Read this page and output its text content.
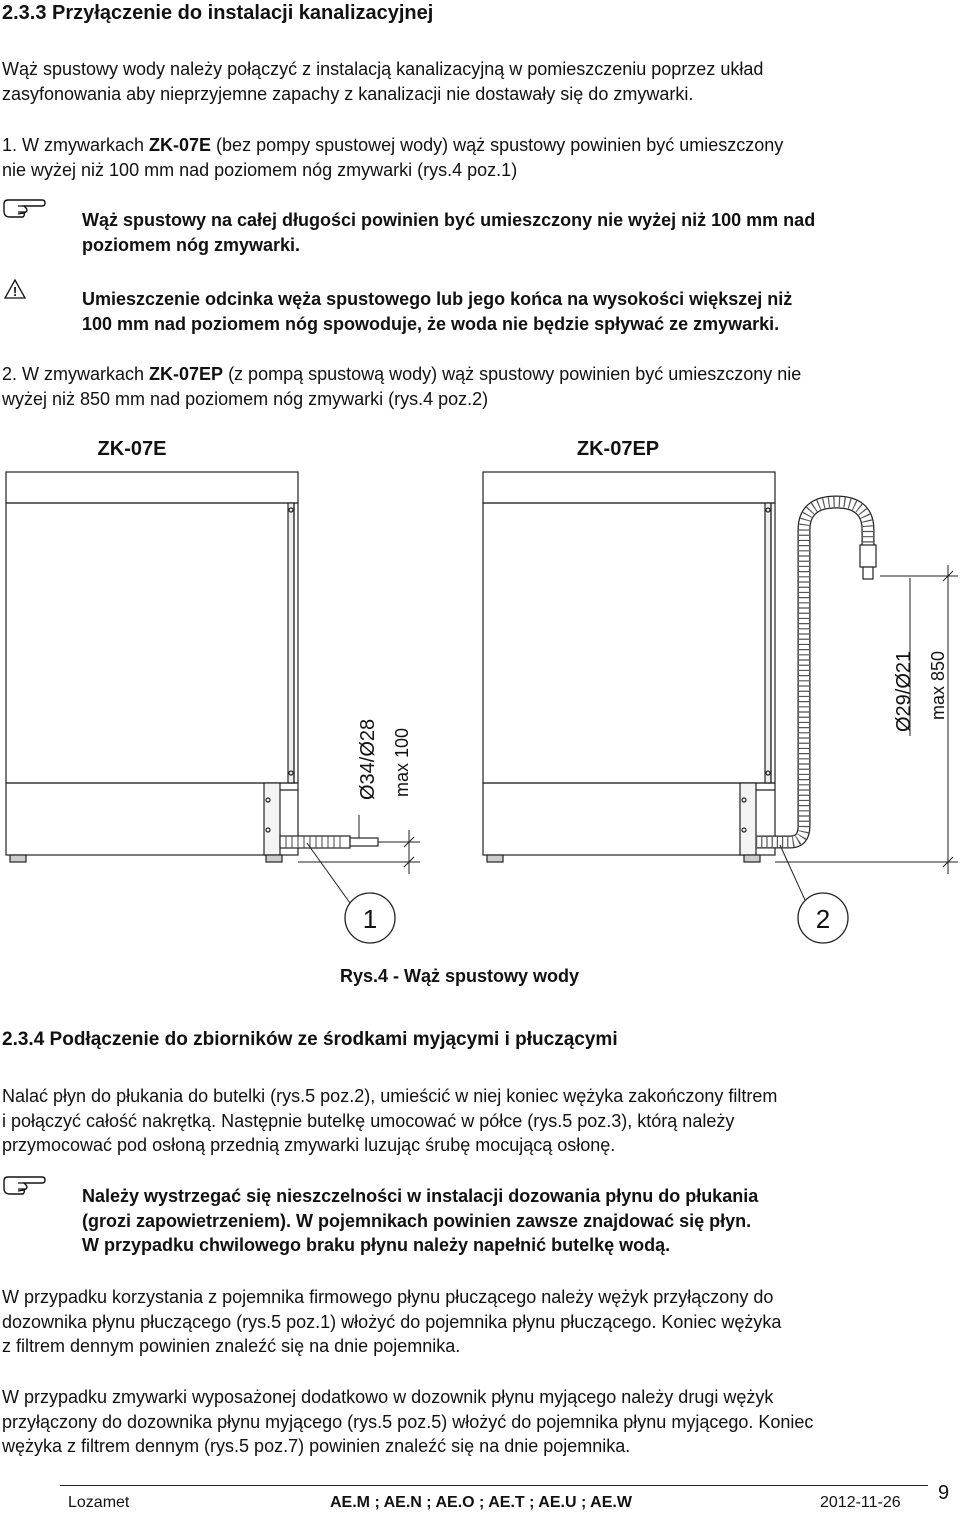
2.3.3 Przyłączenie do instalacji kanalizacyjnej
Wąż spustowy wody należy połączyć z instalacją kanalizacyjną w pomieszczeniu poprzez układ
zasyfonowania aby nieprzyjemne zapachy z kanalizacji nie dostawały się do zmywarki.
1. W zmywarkach ZK-07E (bez pompy spustowej wody) wąż spustowy powinien być umieszczony
nie wyżej niż 100 mm nad poziomem nóg zmywarki (rys.4 poz.1)
Wąż spustowy na całej długości powinien być umieszczony nie wyżej niż 100 mm nad
poziomem nóg zmywarki.
!	Umieszczenie odcinka węża spustowego lub jego końca na wysokości większej niż
100 mm nad poziomem nóg spowoduje, że woda nie będzie spływać ze zmywarki.
2. W zmywarkach ZK-07EP (z pompą spustową wody) wąż spustowy powinien być umieszczony nie
wyżej niż 850 mm nad poziomem nóg zmywarki (rys.4 poz.2)
ZK-07E	ZK-07EP
Ø34/Ø28 max 100
Ø29/Ø21 max 850
1	2
Rys.4 - Wąż spustowy wody
2.3.4 Podłączenie do zbiorników ze środkami myjącymi i płuczącymi
Nalać płyn do płukania do butelki (rys.5 poz.2), umieścić w niej koniec wężyka zakończony filtrem
i połączyć całość nakrętką. Następnie butelkę umocować w półce (rys.5 poz.3), którą należy
przymocować pod osłoną przednią zmywarki luzując śrubę mocującą osłonę.
Należy wystrzegać się nieszczelności w instalacji dozowania płynu do płukania
(grozi zapowietrzeniem). W pojemnikach powinien zawsze znajdować się płyn.
W przypadku chwilowego braku płynu należy napełnić butelkę wodą.
W przypadku korzystania z pojemnika firmowego płynu płuczącego należy wężyk przyłączony do
dozownika płynu płuczącego (rys.5 poz.1) włożyć do pojemnika płynu płuczącego. Koniec wężyka
z filtrem dennym powinien znaleźć się na dnie pojemnika.
W przypadku zmywarki wyposażonej dodatkowo w dozownik płynu myjącego należy drugi wężyk
przyłączony do dozownika płynu myjącego (rys.5 poz.5) włożyć do pojemnika płynu myjącego. Koniec
wężyka z filtrem dennym (rys.5 poz.7) powinien znaleźć się na dnie pojemnika.
Lozamet	AE.M ; AE.N ; AE.O ; AE.T ; AE.U ; AE.W	2012-11-26 9
